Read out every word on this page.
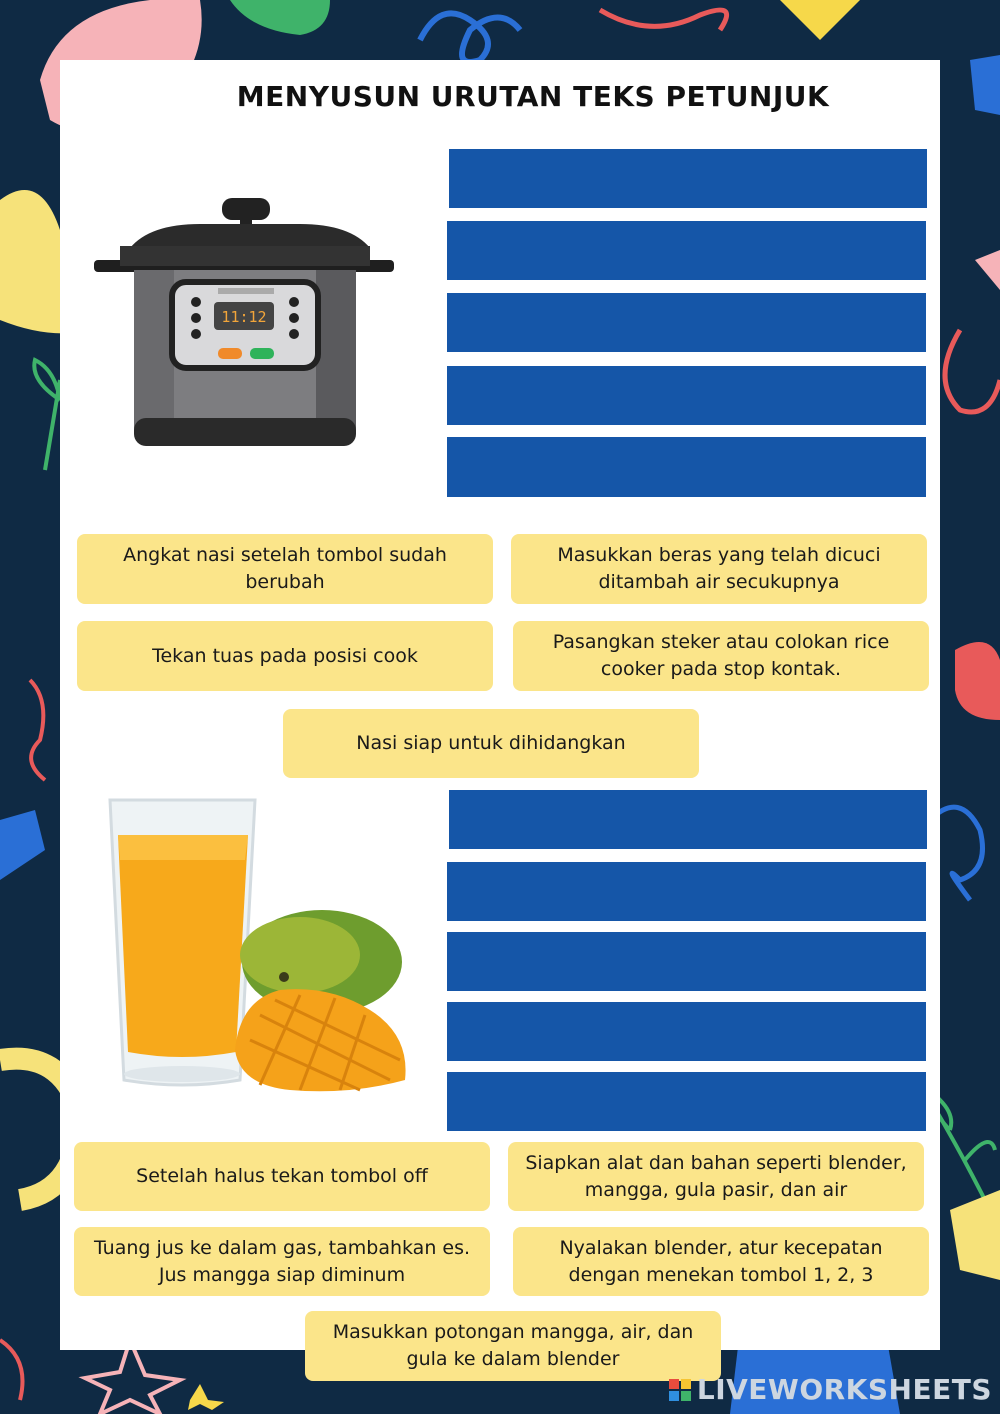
MENYUSUN URUTAN TEKS PETUNJUK
11:12
Angkat nasi setelah tombol sudah berubah
Masukkan beras yang telah dicuci ditambah air secukupnya
Tekan tuas pada posisi cook
Pasangkan steker atau colokan rice cooker pada stop kontak.
Nasi siap untuk dihidangkan
Setelah halus tekan tombol off
Siapkan alat dan bahan seperti blender, mangga, gula pasir, dan air
Tuang jus ke dalam gas, tambahkan es. Jus mangga siap diminum
Nyalakan blender, atur kecepatan dengan menekan tombol 1, 2, 3
Masukkan potongan mangga, air, dan gula ke dalam blender
LIVEWORKSHEETS
